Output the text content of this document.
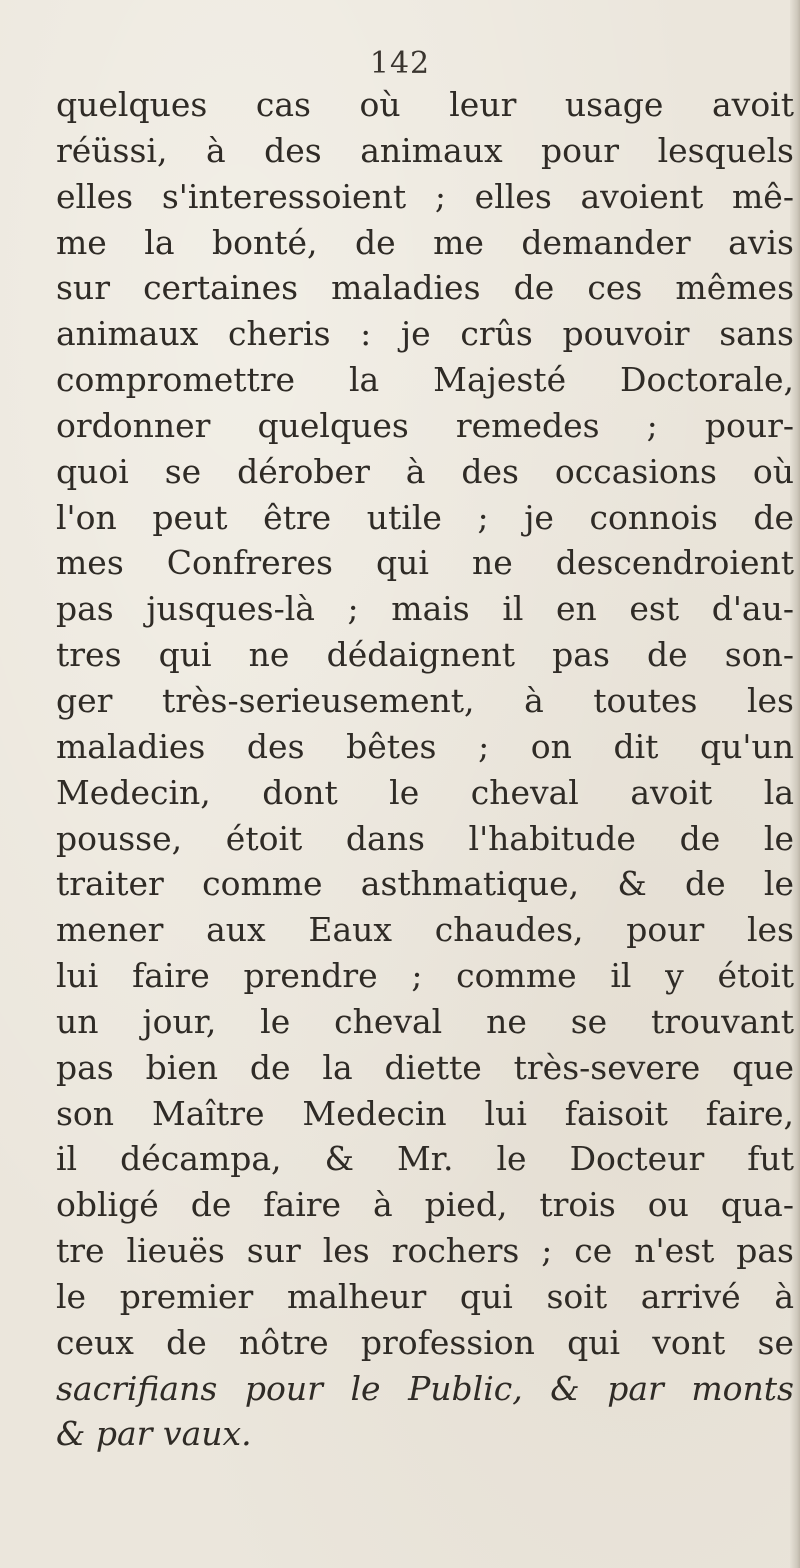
142
quelques cas où leur usage avoit
réüssi, à des animaux pour lesquels
elles s'interessoient ; elles avoient mê-
me la bonté, de me demander avis
sur certaines maladies de ces mêmes
animaux cheris : je crûs pouvoir sans
compromettre la Majesté Doctorale,
ordonner quelques remedes ; pour-
quoi se dérober à des occasions où
l'on peut être utile ; je connois de
mes Confreres qui ne descendroient
pas jusques-là ; mais il en est d'au-
tres qui ne dédaignent pas de son-
ger très-serieusement, à toutes les
maladies des bêtes ; on dit qu'un
Medecin, dont le cheval avoit la
pousse, étoit dans l'habitude de le
traiter comme asthmatique, & de le
mener aux Eaux chaudes, pour les
lui faire prendre ; comme il y étoit
un jour, le cheval ne se trouvant
pas bien de la diette très-severe que
son Maître Medecin lui faisoit faire,
il décampa, & Mr. le Docteur fut
obligé de faire à pied, trois ou qua-
tre lieuës sur les rochers ; ce n'est pas
le premier malheur qui soit arrivé à
ceux de nôtre profession qui vont se
sacrifians pour le Public, & par monts
& par vaux.
